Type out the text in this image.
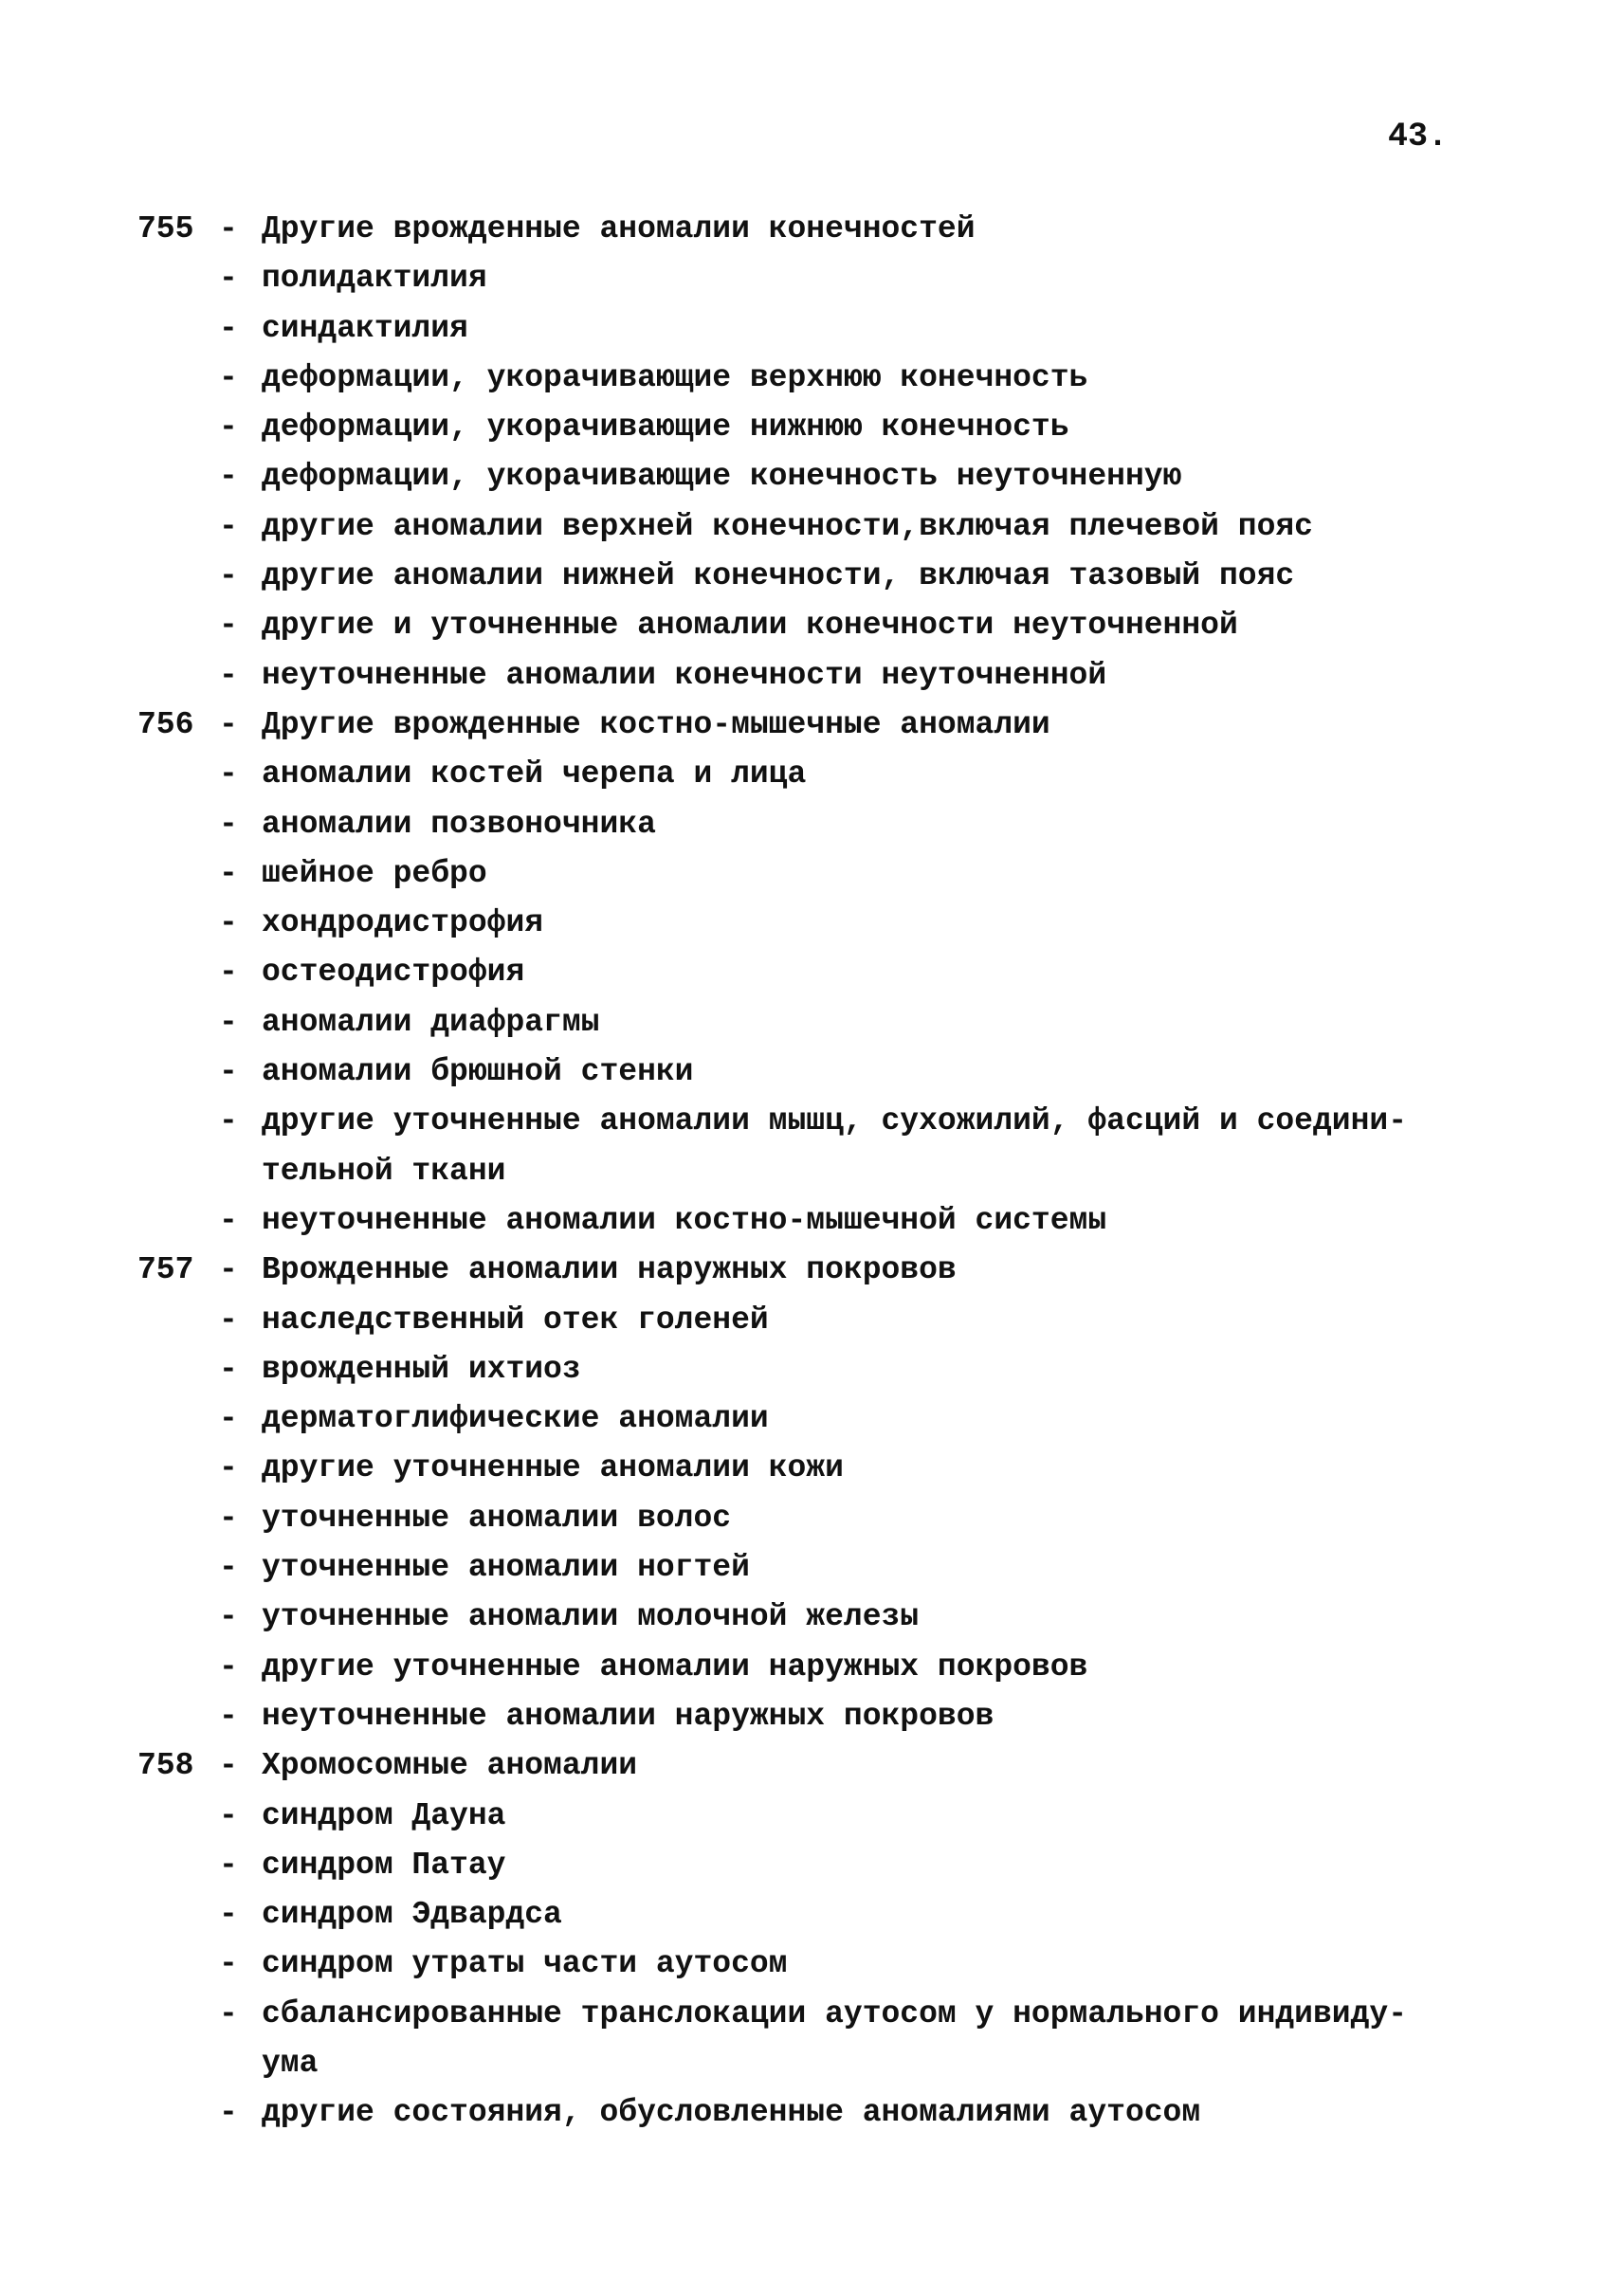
43.
755 - Другие врожденные аномалии конечностей
- полидактилия
- синдактилия
- деформации, укорачивающие верхнюю конечность
- деформации, укорачивающие нижнюю конечность
- деформации, укорачивающие конечность неуточненную
- другие аномалии верхней конечности,включая плечевой пояс
- другие аномалии нижней конечности, включая тазовый пояс
- другие и уточненные аномалии конечности неуточненной
- неуточненные аномалии конечности неуточненной
756 - Другие врожденные костно-мышечные аномалии
- аномалии костей черепа и лица
- аномалии позвоночника
- шейное ребро
- хондродистрофия
- остеодистрофия
- аномалии диафрагмы
- аномалии брюшной стенки
- другие уточненные аномалии мышц, сухожилий, фасций и соедини-
тельной ткани
- неуточненные аномалии костно-мышечной системы
757 - Врожденные аномалии наружных покровов
- наследственный отек голеней
- врожденный ихтиоз
- дерматоглифические аномалии
- другие уточненные аномалии кожи
- уточненные аномалии волос
- уточненные аномалии ногтей
- уточненные аномалии молочной железы
- другие уточненные аномалии наружных покровов
- неуточненные аномалии наружных покровов
758 - Хромосомные аномалии
- синдром Дауна
- синдром Патау
- синдром Эдвардса
- синдром утраты части аутосом
- сбалансированные транслокации аутосом у нормального индивиду-
ума
- другие состояния, обусловленные аномалиями аутосом
